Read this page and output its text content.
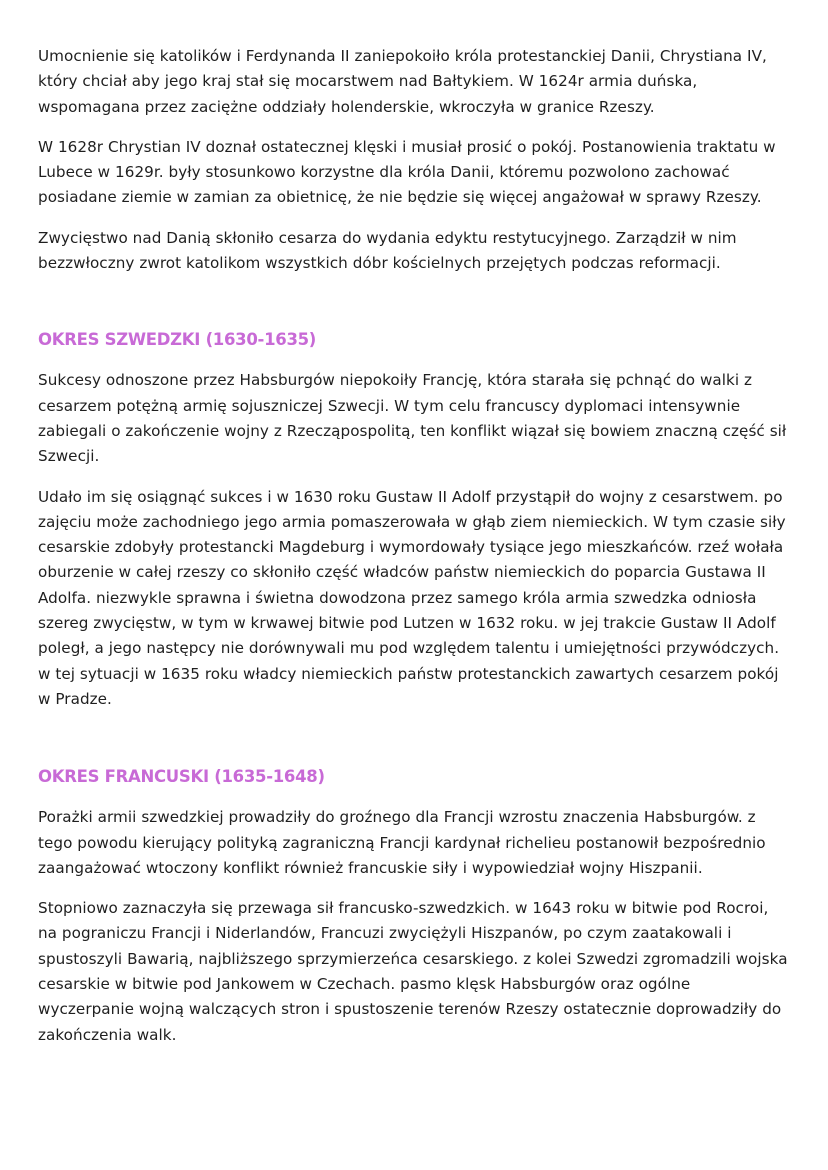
Umocnienie się katolików i Ferdynanda II zaniepokoiło króla protestanckiej Danii, Chrystiana IV, który chciał aby jego kraj stał się mocarstwem nad Bałtykiem. W 1624r armia duńska, wspomagana przez zaciężne oddziały holenderskie, wkroczyła w granice Rzeszy.

W 1628r Chrystian IV doznał ostatecznej klęski i musiał prosić o pokój. Postanowienia traktatu w Lubece w 1629r. były stosunkowo korzystne dla króla Danii, któremu pozwolono zachować posiadane ziemie w zamian za obietnicę, że nie będzie się więcej angażował w sprawy Rzeszy.

Zwycięstwo nad Danią skłoniło cesarza do wydania edyktu restytucyjnego. Zarządził w nim bezzwłoczny zwrot katolikom wszystkich dóbr kościelnych przejętych podczas reformacji.

OKRES SZWEDZKI (1630-1635)

Sukcesy odnoszone przez Habsburgów niepokoiły Francję, która starała się pchnąć do walki z cesarzem potężną armię sojuszniczej Szwecji. W tym celu francuscy dyplomaci intensywnie zabiegali o zakończenie wojny z Rzecząpospolitą, ten konflikt wiązał się bowiem znaczną część sił Szwecji.

Udało im się osiągnąć sukces i w 1630 roku Gustaw II Adolf przystąpił do wojny z cesarstwem. po zajęciu może zachodniego jego armia pomaszerowała w głąb ziem niemieckich. W tym czasie siły cesarskie zdobyły protestancki Magdeburg i wymordowały tysiące jego mieszkańców. rzeź wołała oburzenie w całej rzeszy co skłoniło część władców państw niemieckich do poparcia Gustawa II Adolfa. niezwykle sprawna i świetna dowodzona przez samego króla armia szwedzka odniosła szereg zwycięstw, w tym w krwawej bitwie pod Lutzen w 1632 roku. w jej trakcie Gustaw II Adolf poległ, a jego następcy nie dorównywali mu pod względem talentu i umiejętności przywódczych. w tej sytuacji w 1635 roku władcy niemieckich państw protestanckich zawartych cesarzem pokój w Pradze.

OKRES FRANCUSKI (1635-1648)

Porażki armii szwedzkiej prowadziły do groźnego dla Francji wzrostu znaczenia Habsburgów. z tego powodu kierujący polityką zagraniczną Francji kardynał richelieu postanowił bezpośrednio zaangażować wtoczony konflikt również francuskie siły i wypowiedział wojny Hiszpanii.

Stopniowo zaznaczyła się przewaga sił francusko-szwedzkich. w 1643 roku w bitwie pod Rocroi, na pograniczu Francji i Niderlandów, Francuzi zwyciężyli Hiszpanów, po czym zaatakowali i spustoszyli Bawarią, najbliższego sprzymierzeńca cesarskiego. z kolei Szwedzi zgromadzili wojska cesarskie w bitwie pod Jankowem w Czechach. pasmo klęsk Habsburgów oraz ogólne wyczerpanie wojną walczących stron i spustoszenie terenów Rzeszy ostatecznie doprowadziły do zakończenia walk.
